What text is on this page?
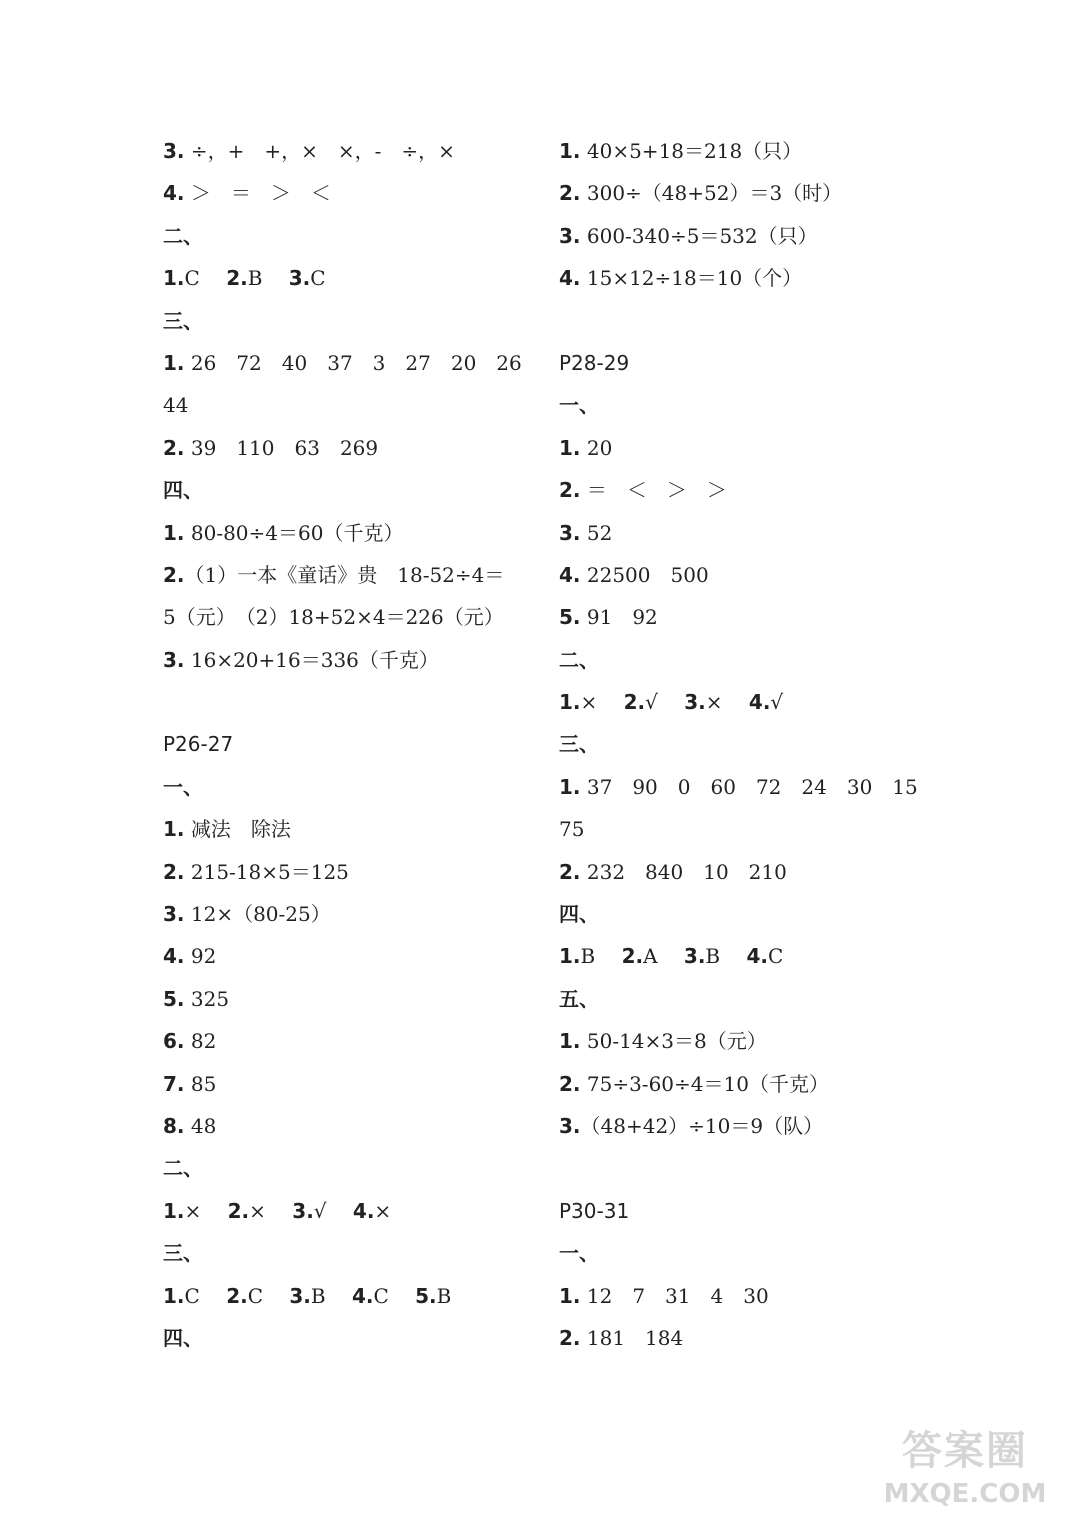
3. ÷，+　+，×　×，-　÷，×
4. ＞　＝　＞　＜
二、
1.C　 2.B　 3.C
三、
1. 26　72　40　37　3　27　20　26
44
2. 39　110　63　269
四、
1. 80-80÷4＝60（千克）
2.（1）一本《童话》贵　18-52÷4＝
5（元）　（2）18+52×4＝226（元）
3. 16×20+16＝336（千克）
P26-27
一、
1. 减法　除法
2. 215-18×5＝125
3. 12×（80-25）
4. 92
5. 325
6. 82
7. 85
8. 48
二、
1.×　 2.×　 3.√　 4.×
三、
1.C　 2.C　 3.B　 4.C　 5.B
四、
1. 40×5+18＝218（只）
2. 300÷（48+52）＝3（时）
3. 600-340÷5＝532（只）
4. 15×12÷18＝10（个）
P28-29
一、
1. 20
2. ＝　＜　＞　＞
3. 52
4. 22500　500
5. 91　92
二、
1.×　 2.√　 3.×　 4.√
三、
1. 37　90　0　60　72　24　30　15
75
2. 232　840　10　210
四、
1.B　 2.A　 3.B　 4.C
五、
1. 50-14×3＝8（元）
2. 75÷3-60÷4＝10（千克）
3.（48+42）÷10＝9（队）
P30-31
一、
1. 12　7　31　4　30
2. 181　184
答案圈
MXQE.COM
